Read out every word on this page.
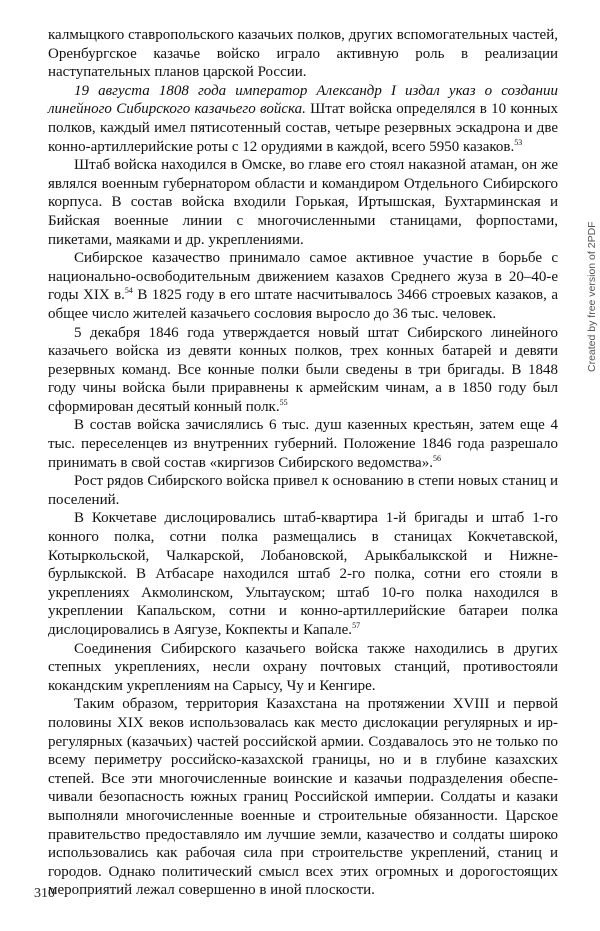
калмыцкого ставропольского казачьих полков, других вспомогательных частей, Оренбургское казачье войско играло активную роль в реализации наступательных планов царской России.

19 августа 1808 года император Александр I издал указ о создании линейного Сибирского казачьего войска. Штат войска определялся в 10 конных полков, каждый имел пятисотенный состав, четыре резервных эскадрона и две конно-артиллерийские роты с 12 орудиями в каждой, всего 5950 казаков.$^{53}$

Штаб войска находился в Омске, во главе его стоял наказной атаман, он же являлся военным губернатором области и командиром Отдельного Сибирского корпуса. В состав войска входили Горькая, Иртышская, Бухтарминская и Бийская военные линии с многочисленными станицами, форпостами, пикетами, маяками и др. укреплениями.

Сибирское казачество принимало самое активное участие в борьбе с национально-освободительным движением казахов Среднего жуза в 20–40-е годы XIX в.$^{54}$ В 1825 году в его штате насчитывалось 3466 строевых казаков, а общее число жителей казачьего сословия выросло до 36 тыс. человек.

5 декабря 1846 года утверждается новый штат Сибирского линейного казачьего войска из девяти конных полков, трех конных батарей и девяти резервных команд. Все конные полки были сведены в три бригады. В 1848 году чины войска были приравнены к армейским чинам, а в 1850 году был сформирован десятый конный полк.$^{55}$

В состав войска зачислялись 6 тыс. душ казенных крестьян, затем еще 4 тыс. переселенцев из внутренних губерний. Положение 1846 года разрешало принимать в свой состав «киргизов Сибирского ведомства».$^{56}$

Рост рядов Сибирского войска привел к основанию в степи новых станиц и поселений.

В Кокчетаве дислоцировались штаб-квартира 1-й бригады и штаб 1-го конного полка, сотни полка размещались в станицах Кокчетавской, Котыркольской, Чалкарской, Лобановской, Арыкбалыкской и Нижнебурлыкской. В Атбасаре находился штаб 2-го полка, сотни его стояли в укреплениях Акмолинском, Улытауском; штаб 10-го полка находился в укреплении Капальском, сотни и конно-артиллерийские батареи полка дислоцировались в Аягузе, Кокпекты и Капале.$^{57}$

Соединения Сибирского казачьего войска также находились в других степных укреплениях, несли охрану почтовых станций, противостояли кокандским укреплениям на Сарысу, Чу и Кенгире.

Таким образом, территория Казахстана на протяжении XVIII и первой половины XIX веков использовалась как место дислокации регулярных и иррегулярных (казачьих) частей российской армии. Создавалось это не только по всему периметру российско-казахской границы, но и в глубине казахских степей. Все эти многочисленные воинские и казачьи подразделения обеспечивали безопасность южных границ Российской империи. Солдаты и казаки выполняли многочисленные военные и строительные обязанности. Царское правительство предоставляло им лучшие земли, казачество и солдаты широко использовались как рабочая сила при строительстве укреплений, станиц и городов. Однако политический смысл всех этих огромных и дорогостоящих мероприятий лежал совершенно в иной плоскости.

Created by free version of 2PDF
310
